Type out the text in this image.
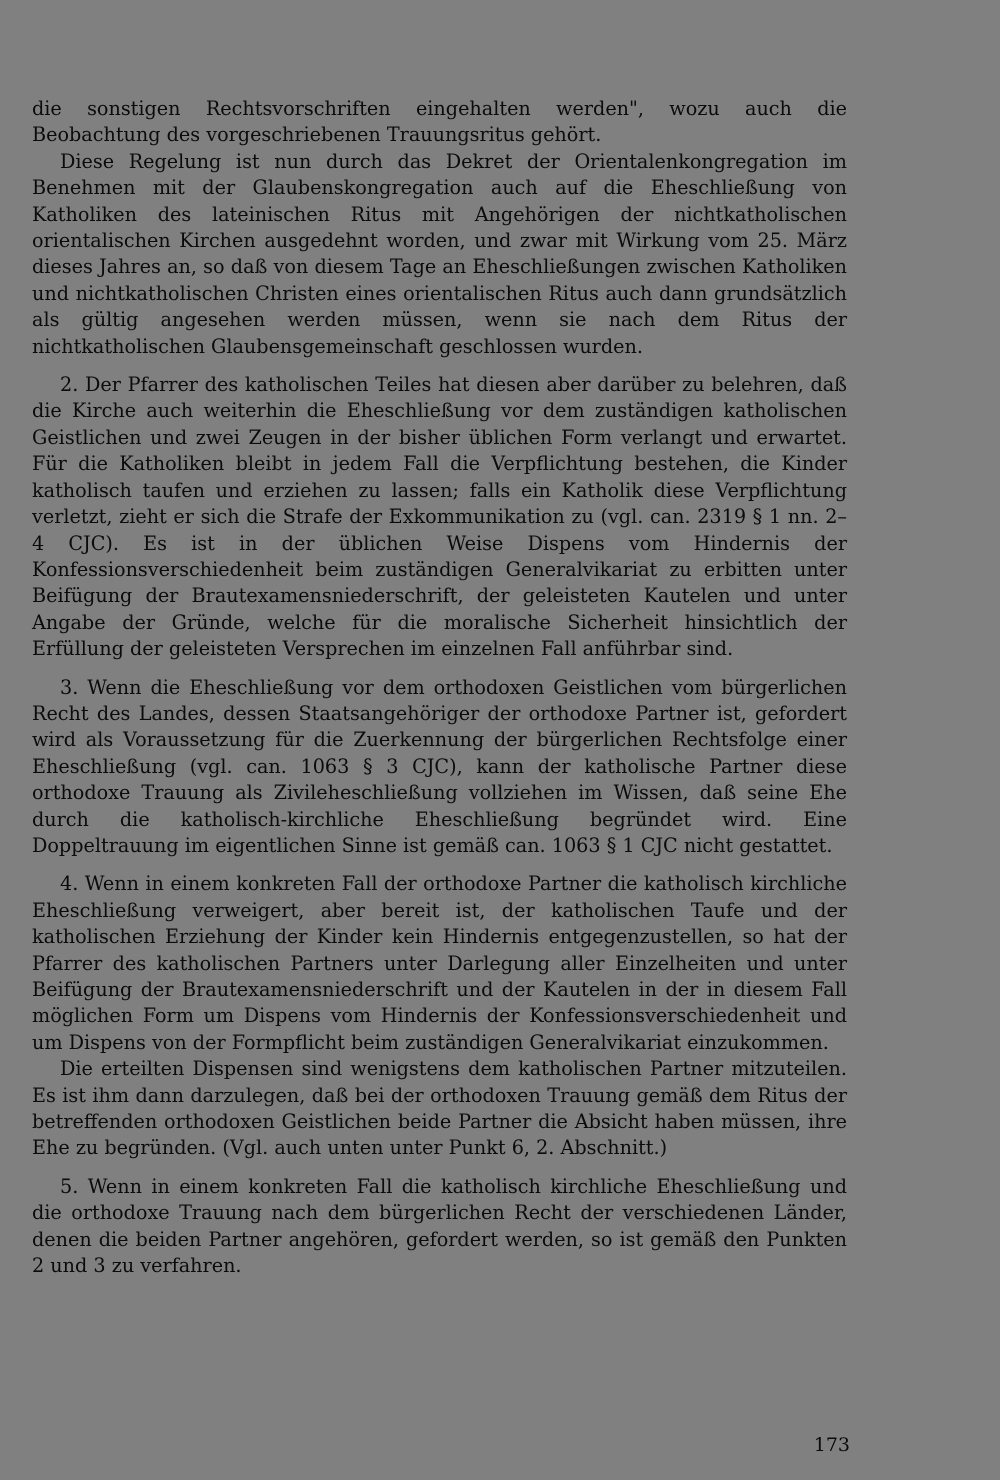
die sonstigen Rechtsvorschriften eingehalten werden", wozu auch die Beobachtung des vorgeschriebenen Trauungsritus gehört.

Diese Regelung ist nun durch das Dekret der Orientalenkongregation im Benehmen mit der Glaubenskongregation auch auf die Eheschließung von Katholiken des lateinischen Ritus mit Angehörigen der nichtkatholischen orientalischen Kirchen ausgedehnt worden, und zwar mit Wirkung vom 25. März dieses Jahres an, so daß von diesem Tage an Eheschließungen zwischen Katholiken und nichtkatholischen Christen eines orientalischen Ritus auch dann grundsätzlich als gültig angesehen werden müssen, wenn sie nach dem Ritus der nichtkatholischen Glaubensgemeinschaft geschlossen wurden.

2. Der Pfarrer des katholischen Teiles hat diesen aber darüber zu belehren, daß die Kirche auch weiterhin die Eheschließung vor dem zuständigen katholischen Geistlichen und zwei Zeugen in der bisher üblichen Form verlangt und erwartet. Für die Katholiken bleibt in jedem Fall die Verpflichtung bestehen, die Kinder katholisch taufen und erziehen zu lassen; falls ein Katholik diese Verpflichtung verletzt, zieht er sich die Strafe der Exkommunikation zu (vgl. can. 2319 § 1 nn. 2–4 CJC). Es ist in der üblichen Weise Dispens vom Hindernis der Konfessionsverschiedenheit beim zuständigen Generalvikariat zu erbitten unter Beifügung der Brautexamensniederschrift, der geleisteten Kautelen und unter Angabe der Gründe, welche für die moralische Sicherheit hinsichtlich der Erfüllung der geleisteten Versprechen im einzelnen Fall anführbar sind.

3. Wenn die Eheschließung vor dem orthodoxen Geistlichen vom bürgerlichen Recht des Landes, dessen Staatsangehöriger der orthodoxe Partner ist, gefordert wird als Voraussetzung für die Zuerkennung der bürgerlichen Rechtsfolge einer Eheschließung (vgl. can. 1063 § 3 CJC), kann der katholische Partner diese orthodoxe Trauung als Zivileheschließung vollziehen im Wissen, daß seine Ehe durch die katholisch-kirchliche Eheschließung begründet wird. Eine Doppeltrauung im eigentlichen Sinne ist gemäß can. 1063 § 1 CJC nicht gestattet.

4. Wenn in einem konkreten Fall der orthodoxe Partner die katholisch kirchliche Eheschließung verweigert, aber bereit ist, der katholischen Taufe und der katholischen Erziehung der Kinder kein Hindernis entgegenzustellen, so hat der Pfarrer des katholischen Partners unter Darlegung aller Einzelheiten und unter Beifügung der Brautexamensniederschrift und der Kautelen in der in diesem Fall möglichen Form um Dispens vom Hindernis der Konfessionsverschiedenheit und um Dispens von der Formpflicht beim zuständigen Generalvikariat einzukommen.

Die erteilten Dispensen sind wenigstens dem katholischen Partner mitzuteilen. Es ist ihm dann darzulegen, daß bei der orthodoxen Trauung gemäß dem Ritus der betreffenden orthodoxen Geistlichen beide Partner die Absicht haben müssen, ihre Ehe zu begründen. (Vgl. auch unten unter Punkt 6, 2. Abschnitt.)

5. Wenn in einem konkreten Fall die katholisch kirchliche Eheschließung und die orthodoxe Trauung nach dem bürgerlichen Recht der verschiedenen Länder, denen die beiden Partner angehören, gefordert werden, so ist gemäß den Punkten 2 und 3 zu verfahren.

173
